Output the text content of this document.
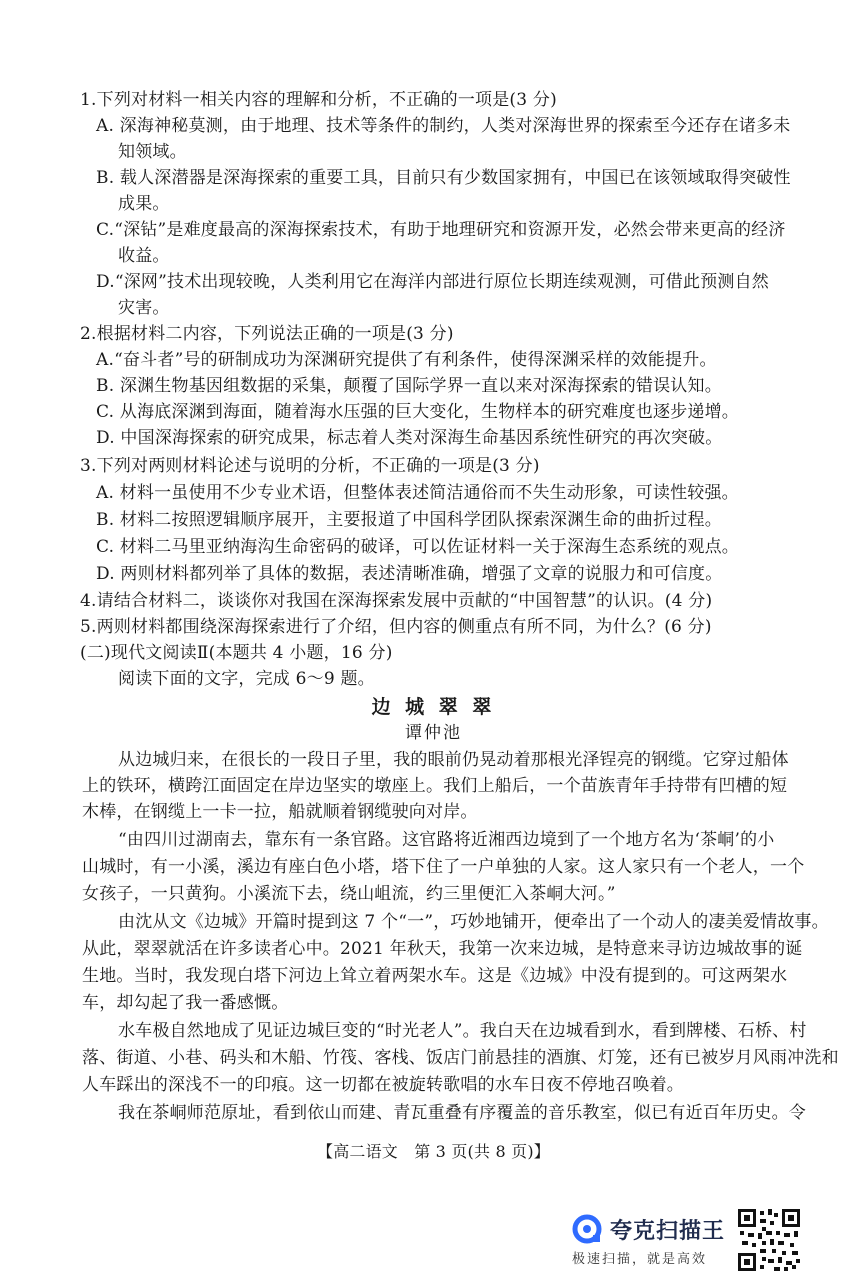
1.下列对材料一相关内容的理解和分析，不正确的一项是(3 分)
A. 深海神秘莫测，由于地理、技术等条件的制约，人类对深海世界的探索至今还存在诸多未
知领域。
B. 载人深潜器是深海探索的重要工具，目前只有少数国家拥有，中国已在该领域取得突破性
成果。
C.“深钻”是难度最高的深海探索技术，有助于地理研究和资源开发，必然会带来更高的经济
收益。
D.“深网”技术出现较晚，人类利用它在海洋内部进行原位长期连续观测，可借此预测自然
灾害。
2.根据材料二内容，下列说法正确的一项是(3 分)
A.“奋斗者”号的研制成功为深渊研究提供了有利条件，使得深渊采样的效能提升。
B. 深渊生物基因组数据的采集，颠覆了国际学界一直以来对深海探索的错误认知。
C. 从海底深渊到海面，随着海水压强的巨大变化，生物样本的研究难度也逐步递增。
D. 中国深海探索的研究成果，标志着人类对深海生命基因系统性研究的再次突破。
3.下列对两则材料论述与说明的分析，不正确的一项是(3 分)
A. 材料一虽使用不少专业术语，但整体表述简洁通俗而不失生动形象，可读性较强。
B. 材料二按照逻辑顺序展开，主要报道了中国科学团队探索深渊生命的曲折过程。
C. 材料二马里亚纳海沟生命密码的破译，可以佐证材料一关于深海生态系统的观点。
D. 两则材料都列举了具体的数据，表述清晰准确，增强了文章的说服力和可信度。
4.请结合材料二，谈谈你对我国在深海探索发展中贡献的“中国智慧”的认识。(4 分)
5.两则材料都围绕深海探索进行了介绍，但内容的侧重点有所不同，为什么？(6 分)
(二)现代文阅读Ⅱ(本题共 4 小题，16 分)
阅读下面的文字，完成 6～9 题。
边 城 翠 翠
谭仲池
从边城归来，在很长的一段日子里，我的眼前仍晃动着那根光泽锃亮的钢缆。它穿过船体
上的铁环，横跨江面固定在岸边坚实的墩座上。我们上船后，一个苗族青年手持带有凹槽的短
木棒，在钢缆上一卡一拉，船就顺着钢缆驶向对岸。
“由四川过湖南去，靠东有一条官路。这官路将近湘西边境到了一个地方名为‘茶峒’的小
山城时，有一小溪，溪边有座白色小塔，塔下住了一户单独的人家。这人家只有一个老人，一个
女孩子，一只黄狗。小溪流下去，绕山岨流，约三里便汇入茶峒大河。”
由沈从文《边城》开篇时提到这 7 个“一”，巧妙地铺开，便牵出了一个动人的凄美爱情故事。
从此，翠翠就活在许多读者心中。2021 年秋天，我第一次来边城，是特意来寻访边城故事的诞
生地。当时，我发现白塔下河边上耸立着两架水车。这是《边城》中没有提到的。可这两架水
车，却勾起了我一番感慨。
水车极自然地成了见证边城巨变的“时光老人”。我白天在边城看到水，看到牌楼、石桥、村
落、街道、小巷、码头和木船、竹筏、客栈、饭店门前悬挂的酒旗、灯笼，还有已被岁月风雨冲洗和
人车踩出的深浅不一的印痕。这一切都在被旋转歌唱的水车日夜不停地召唤着。
我在茶峒师范原址，看到依山而建、青瓦重叠有序覆盖的音乐教室，似已有近百年历史。令
【高二语文　第 3 页(共 8 页)】
夸克扫描王
极速扫描，就是高效
